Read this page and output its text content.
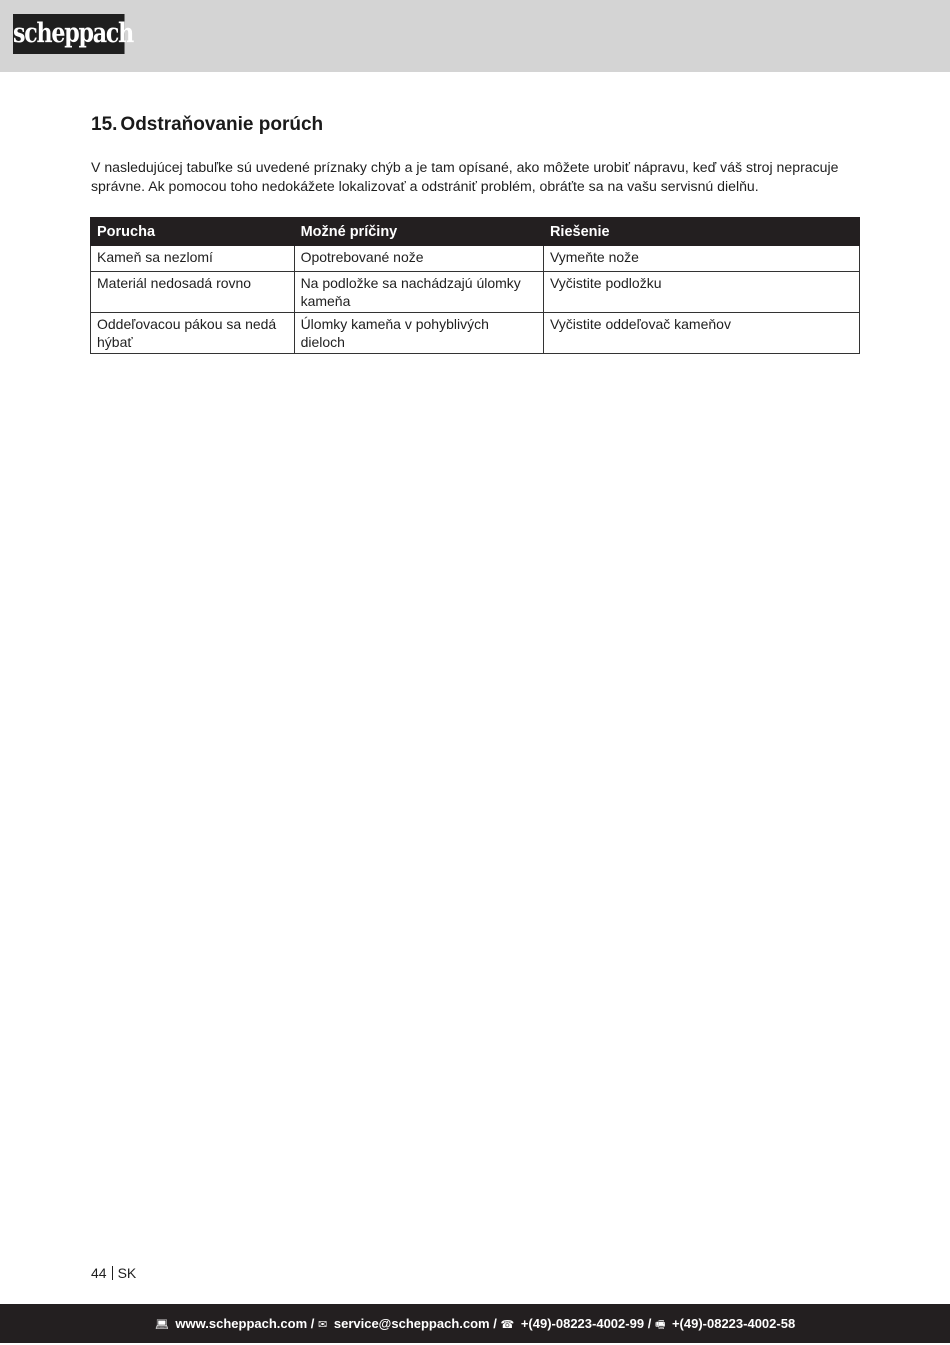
scheppach
15. Odstraňovanie porúch

V nasledujúcej tabuľke sú uvedené príznaky chýb a je tam opísané, ako môžete urobiť nápravu, keď váš stroj nepracuje správne. Ak pomocou toho nedokážete lokalizovať a odstrániť problém, obráťte sa na vašu servisnú dielňu.

Porucha	Možné príčiny	Riešenie
Kameň sa nezlomí	Opotrebované nože	Vymeňte nože
Materiál nedosadá rovno	Na podložke sa nachádzajú úlomky kameňa	Vyčistite podložku
Oddeľovacou pákou sa nedá hýbať	Úlomky kameňa v pohyblivých dieloch	Vyčistite oddeľovač kameňov
44 SK
💻︎ www.scheppach.com / ✉︎ service@scheppach.com / ☎︎ +(49)-08223-4002-99 / 🖷︎ +(49)-08223-4002-58
